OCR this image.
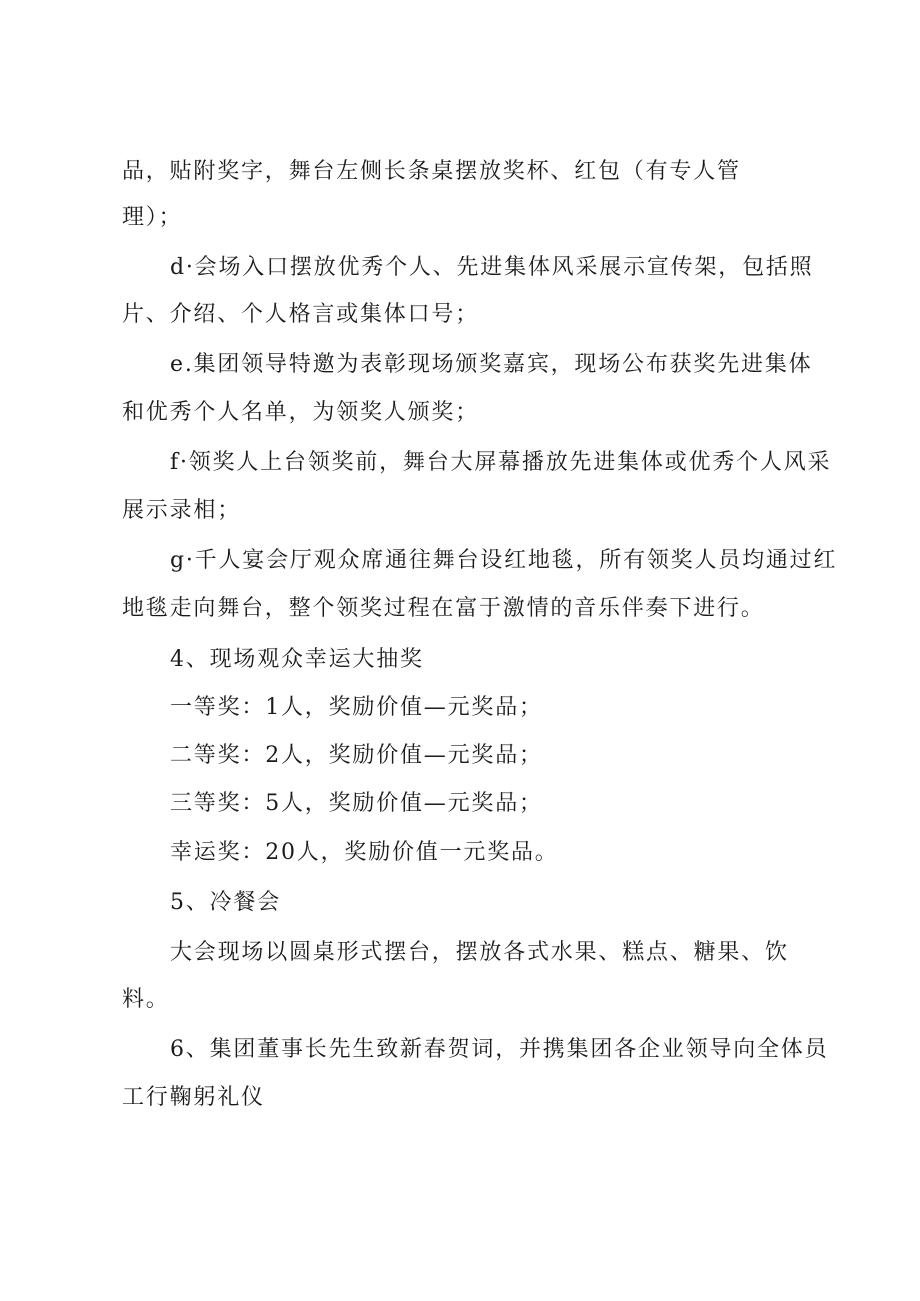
品，贴附奖字，舞台左侧长条桌摆放奖杯、红包（有专人管
理）；
d·会场入口摆放优秀个人、先进集体风采展示宣传架，包括照
片、介绍、个人格言或集体口号；
e.集团领导特邀为表彰现场颁奖嘉宾，现场公布获奖先进集体
和优秀个人名单，为领奖人颁奖；
f·领奖人上台领奖前，舞台大屏幕播放先进集体或优秀个人风采
展示录相；
g·千人宴会厅观众席通往舞台设红地毯，所有领奖人员均通过红
地毯走向舞台，整个领奖过程在富于激情的音乐伴奏下进行。
4、现场观众幸运大抽奖
一等奖：1人，奖励价值—元奖品；
二等奖：2人，奖励价值—元奖品；
三等奖：5人，奖励价值—元奖品；
幸运奖：20人，奖励价值一元奖品。
5、冷餐会
大会现场以圆桌形式摆台，摆放各式水果、糕点、糖果、饮
料。
6、集团董事长先生致新春贺词，并携集团各企业领导向全体员
工行鞠躬礼仪
